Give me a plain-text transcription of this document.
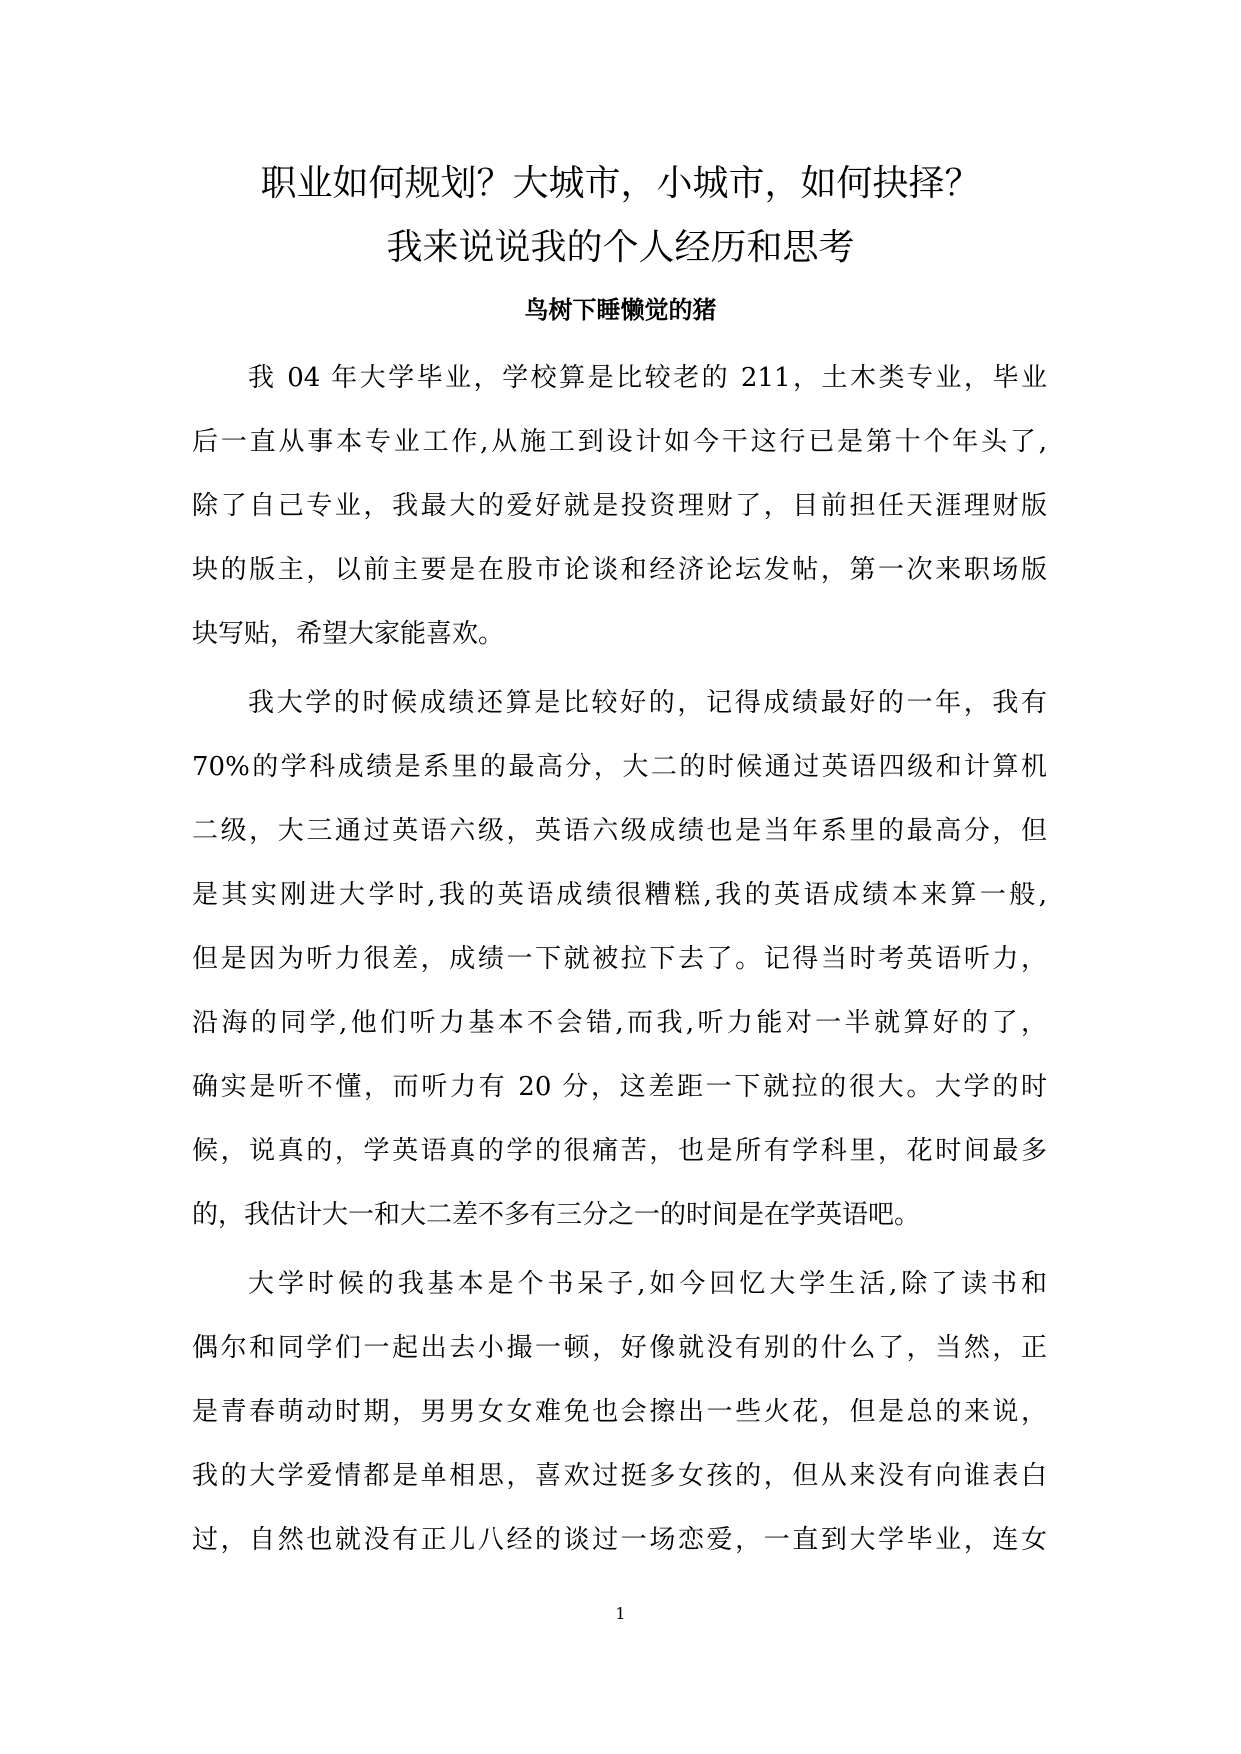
职业如何规划？大城市，小城市，如何抉择？
我来说说我的个人经历和思考
鸟树下睡懒觉的猪
我 04 年大学毕业，学校算是比较老的 211，土木类专业，毕业
后一直从事本专业工作,从施工到设计如今干这行已是第十个年头了,
除了自己专业，我最大的爱好就是投资理财了，目前担任天涯理财版
块的版主，以前主要是在股市论谈和经济论坛发帖，第一次来职场版
块写贴，希望大家能喜欢。
我大学的时候成绩还算是比较好的，记得成绩最好的一年，我有
70%的学科成绩是系里的最高分，大二的时候通过英语四级和计算机
二级，大三通过英语六级，英语六级成绩也是当年系里的最高分，但
是其实刚进大学时,我的英语成绩很糟糕,我的英语成绩本来算一般,
但是因为听力很差，成绩一下就被拉下去了。记得当时考英语听力，
沿海的同学,他们听力基本不会错,而我,听力能对一半就算好的了，
确实是听不懂，而听力有 20 分，这差距一下就拉的很大。大学的时
候，说真的，学英语真的学的很痛苦，也是所有学科里，花时间最多
的，我估计大一和大二差不多有三分之一的时间是在学英语吧。
大学时候的我基本是个书呆子,如今回忆大学生活,除了读书和
偶尔和同学们一起出去小撮一顿，好像就没有别的什么了，当然，正
是青春萌动时期，男男女女难免也会擦出一些火花，但是总的来说，
我的大学爱情都是单相思，喜欢过挺多女孩的，但从来没有向谁表白
过，自然也就没有正儿八经的谈过一场恋爱，一直到大学毕业，连女
1
